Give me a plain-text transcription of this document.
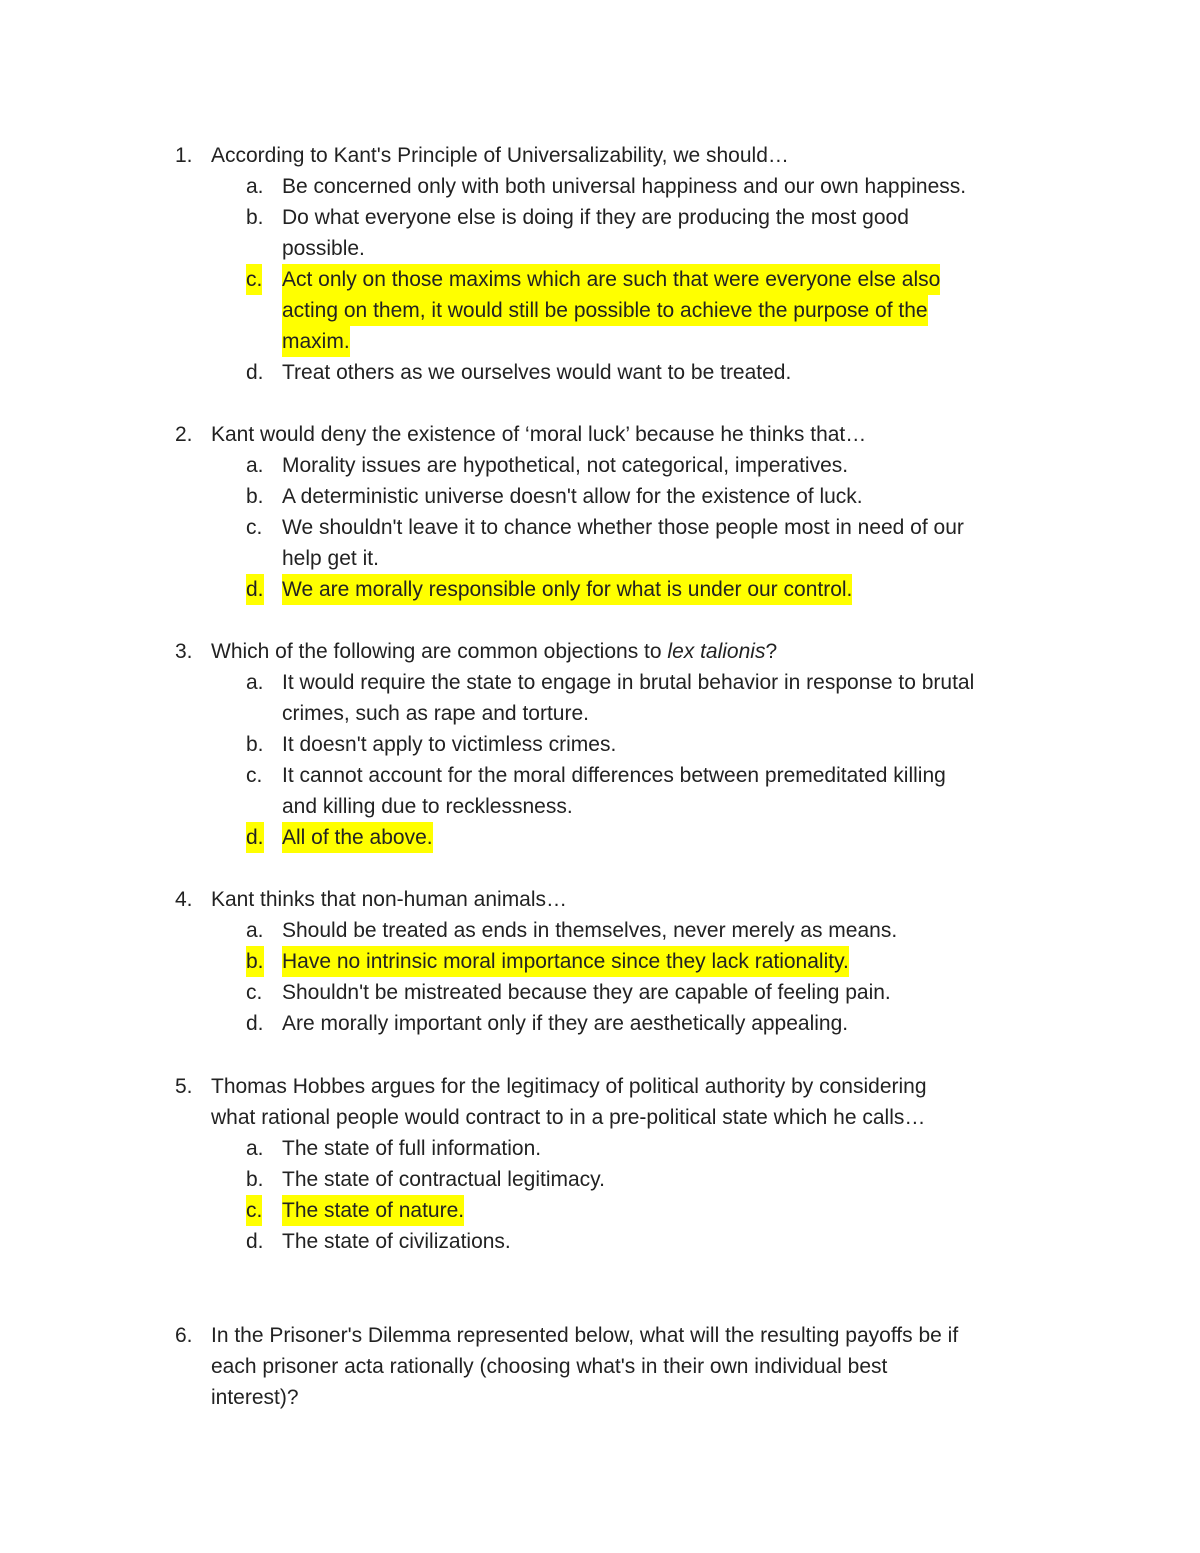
1. According to Kant's Principle of Universalizability, we should…
a. Be concerned only with both universal happiness and our own happiness.
b. Do what everyone else is doing if they are producing the most good
possible.
c. Act only on those maxims which are such that were everyone else also
acting on them, it would still be possible to achieve the purpose of the
maxim.
d. Treat others as we ourselves would want to be treated.
2. Kant would deny the existence of ‘moral luck’ because he thinks that…
a. Morality issues are hypothetical, not categorical, imperatives.
b. A deterministic universe doesn't allow for the existence of luck.
c. We shouldn't leave it to chance whether those people most in need of our
help get it.
d. We are morally responsible only for what is under our control.
3. Which of the following are common objections to lex talionis?
a. It would require the state to engage in brutal behavior in response to brutal
crimes, such as rape and torture.
b. It doesn't apply to victimless crimes.
c. It cannot account for the moral differences between premeditated killing
and killing due to recklessness.
d. All of the above.
4. Kant thinks that non-human animals…
a. Should be treated as ends in themselves, never merely as means.
b. Have no intrinsic moral importance since they lack rationality.
c. Shouldn't be mistreated because they are capable of feeling pain.
d. Are morally important only if they are aesthetically appealing.
5. Thomas Hobbes argues for the legitimacy of political authority by considering
what rational people would contract to in a pre-political state which he calls…
a. The state of full information.
b. The state of contractual legitimacy.
c. The state of nature.
d. The state of civilizations.
6. In the Prisoner's Dilemma represented below, what will the resulting payoffs be if
each prisoner acta rationally (choosing what's in their own individual best
interest)?
